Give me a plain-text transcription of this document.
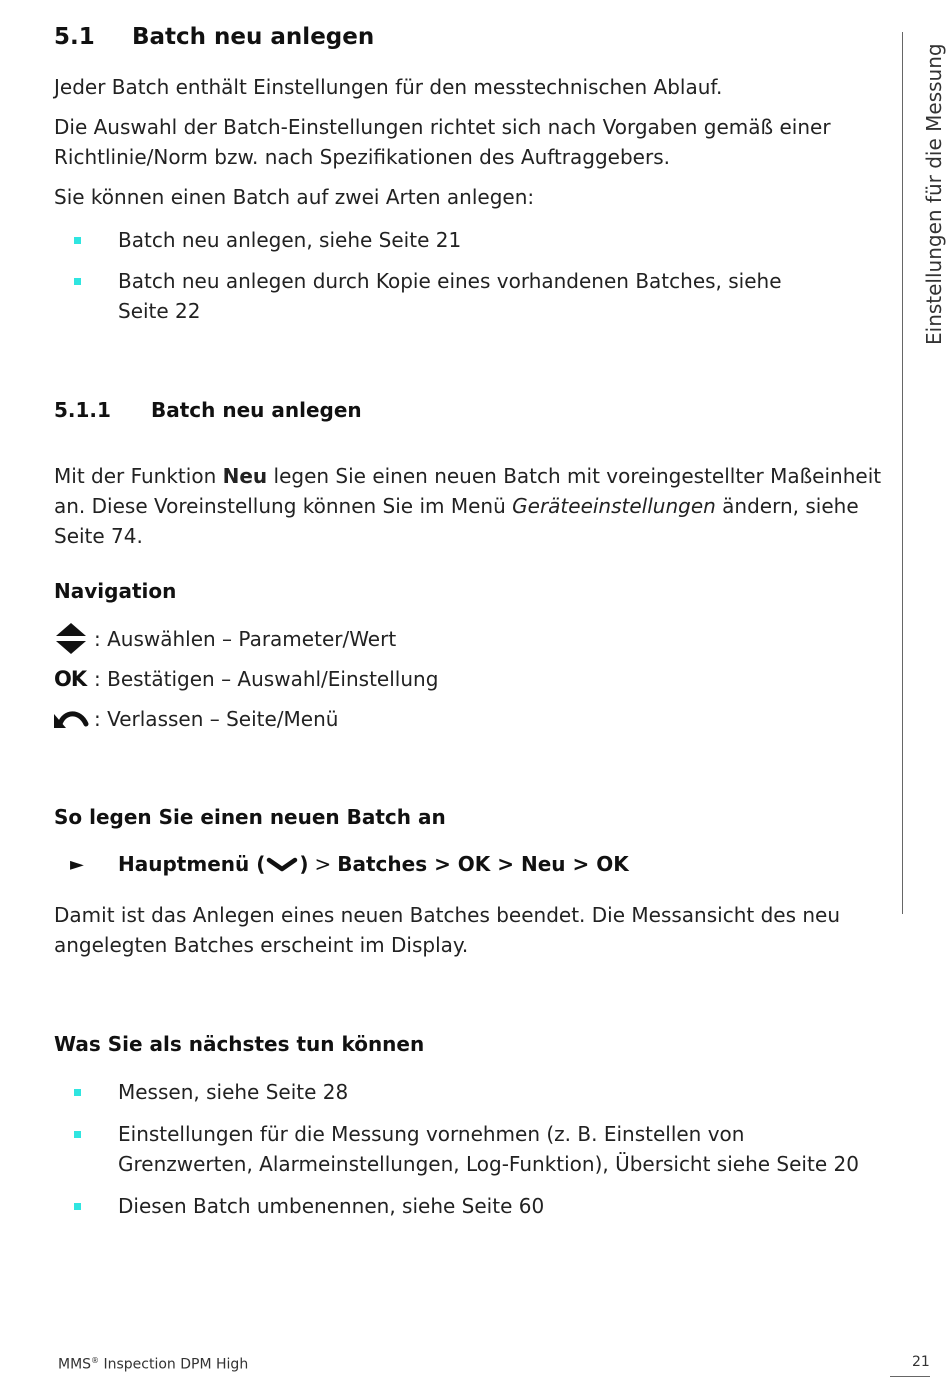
5.1 Batch neu anlegen
Jeder Batch enthält Einstellungen für den messtechnischen Ablauf.
Die Auswahl der Batch-Einstellungen richtet sich nach Vorgaben gemäß einer Richtlinie/Norm bzw. nach Spezifikationen des Auftraggebers.
Sie können einen Batch auf zwei Arten anlegen:
Batch neu anlegen, siehe Seite 21
Batch neu anlegen durch Kopie eines vorhandenen Batches, siehe Seite 22
5.1.1 Batch neu anlegen
Mit der Funktion Neu legen Sie einen neuen Batch mit voreingestellter Maßeinheit an. Diese Voreinstellung können Sie im Menü Geräteeinstellungen ändern, siehe Seite 74.
Navigation
: Auswählen – Parameter/Wert
OK : Bestätigen – Auswahl/Einstellung
: Verlassen – Seite/Menü
So legen Sie einen neuen Batch an
►	Hauptmenü ( ) > Batches > OK > Neu > OK
Damit ist das Anlegen eines neuen Batches beendet. Die Messansicht des neu angelegten Batches erscheint im Display.
Was Sie als nächstes tun können
Messen, siehe Seite 28
Einstellungen für die Messung vornehmen (z. B. Einstellen von Grenzwerten, Alarmeinstellungen, Log-Funktion), Übersicht siehe Seite 20
Diesen Batch umbenennen, siehe Seite 60
Einstellungen für die Messung
MMS® Inspection DPM High	21
